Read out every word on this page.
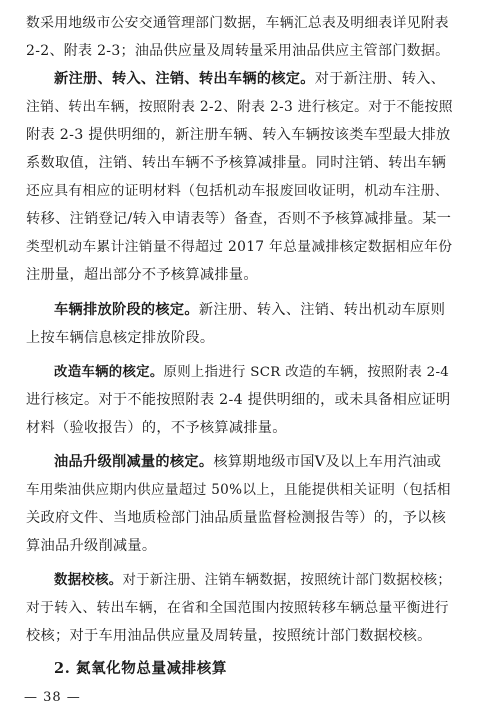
数采用地级市公安交通管理部门数据，车辆汇总表及明细表详见附表
2-2、附表 2-3；油品供应量及周转量采用油品供应主管部门数据。
新注册、转入、注销、转出车辆的核定。对于新注册、转入、
注销、转出车辆，按照附表 2-2、附表 2-3 进行核定。对于不能按照
附表 2-3 提供明细的，新注册车辆、转入车辆按该类车型最大排放
系数取值，注销、转出车辆不予核算减排量。同时注销、转出车辆
还应具有相应的证明材料（包括机动车报废回收证明，机动车注册、
转移、注销登记/转入申请表等）备查，否则不予核算减排量。某一
类型机动车累计注销量不得超过 2017 年总量减排核定数据相应年份
注册量，超出部分不予核算减排量。
车辆排放阶段的核定。新注册、转入、注销、转出机动车原则
上按车辆信息核定排放阶段。
改造车辆的核定。原则上指进行 SCR 改造的车辆，按照附表 2-4
进行核定。对于不能按照附表 2-4 提供明细的，或未具备相应证明
材料（验收报告）的，不予核算减排量。
油品升级削减量的核定。核算期地级市国Ⅴ及以上车用汽油或
车用柴油供应期内供应量超过 50%以上，且能提供相关证明（包括相
关政府文件、当地质检部门油品质量监督检测报告等）的，予以核
算油品升级削减量。
数据校核。对于新注册、注销车辆数据，按照统计部门数据校核；
对于转入、转出车辆，在省和全国范围内按照转移车辆总量平衡进行
校核；对于车用油品供应量及周转量，按照统计部门数据校核。
2. 氮氧化物总量减排核算
— 38 —
